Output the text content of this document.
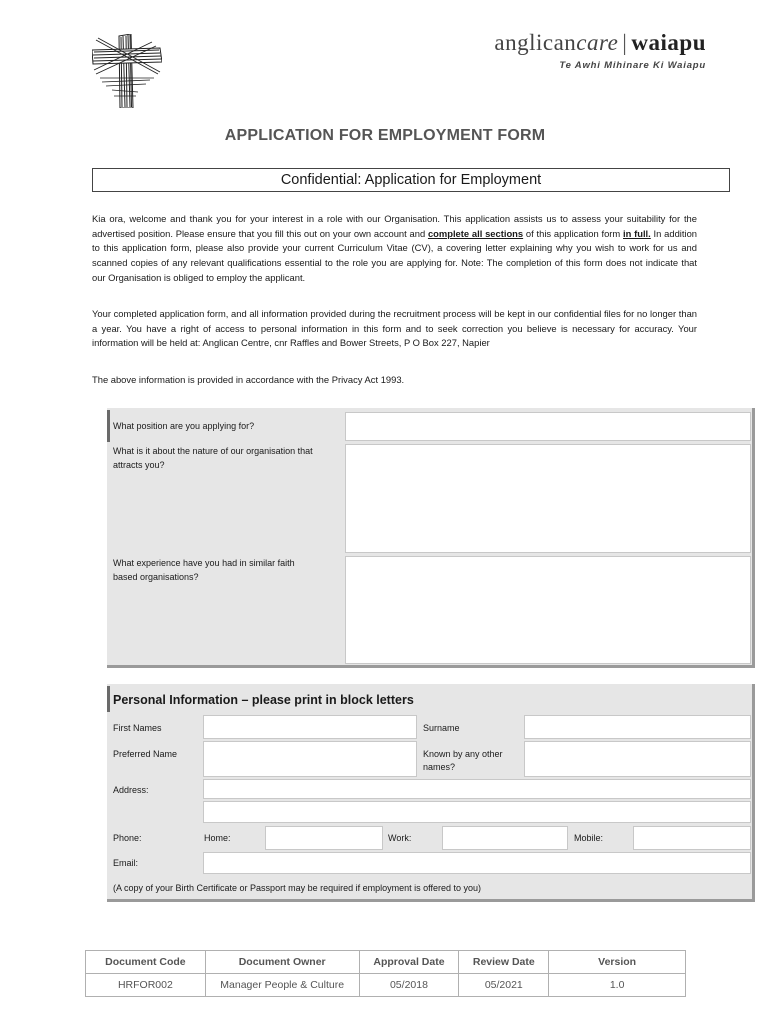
anglicancare | waiapu
Te Awhi Mihinare Ki Waiapu
APPLICATION FOR EMPLOYMENT FORM
Confidential: Application for Employment

Kia ora, welcome and thank you for your interest in a role with our Organisation. This application assists us to assess your suitability for the advertised position. Please ensure that you fill this out on your own account and complete all sections of this application form in full. In addition to this application form, please also provide your current Curriculum Vitae (CV), a covering letter explaining why you wish to work for us and scanned copies of any relevant qualifications essential to the role you are applying for. Note: The completion of this form does not indicate that our Organisation is obliged to employ the applicant.

Your completed application form, and all information provided during the recruitment process will be kept in our confidential files for no longer than a year. You have a right of access to personal information in this form and to seek correction you believe is necessary for accuracy. Your information will be held at: Anglican Centre, cnr Raffles and Bower Streets, P O Box 227, Napier

The above information is provided in accordance with the Privacy Act 1993.

What position are you applying for?
What is it about the nature of our organisation that attracts you?
What experience have you had in similar faith based organisations?
Personal Information – please print in block letters
First Names	Surname
Preferred Name	Known by any other names?
Address:
Phone:	Home:	Work:	Mobile:
Email:
(A copy of your Birth Certificate or Passport may be required if employment is offered to you)
Document Code	Document Owner	Approval Date	Review Date	Version
HRFOR002	Manager People & Culture	05/2018	05/2021	1.0
